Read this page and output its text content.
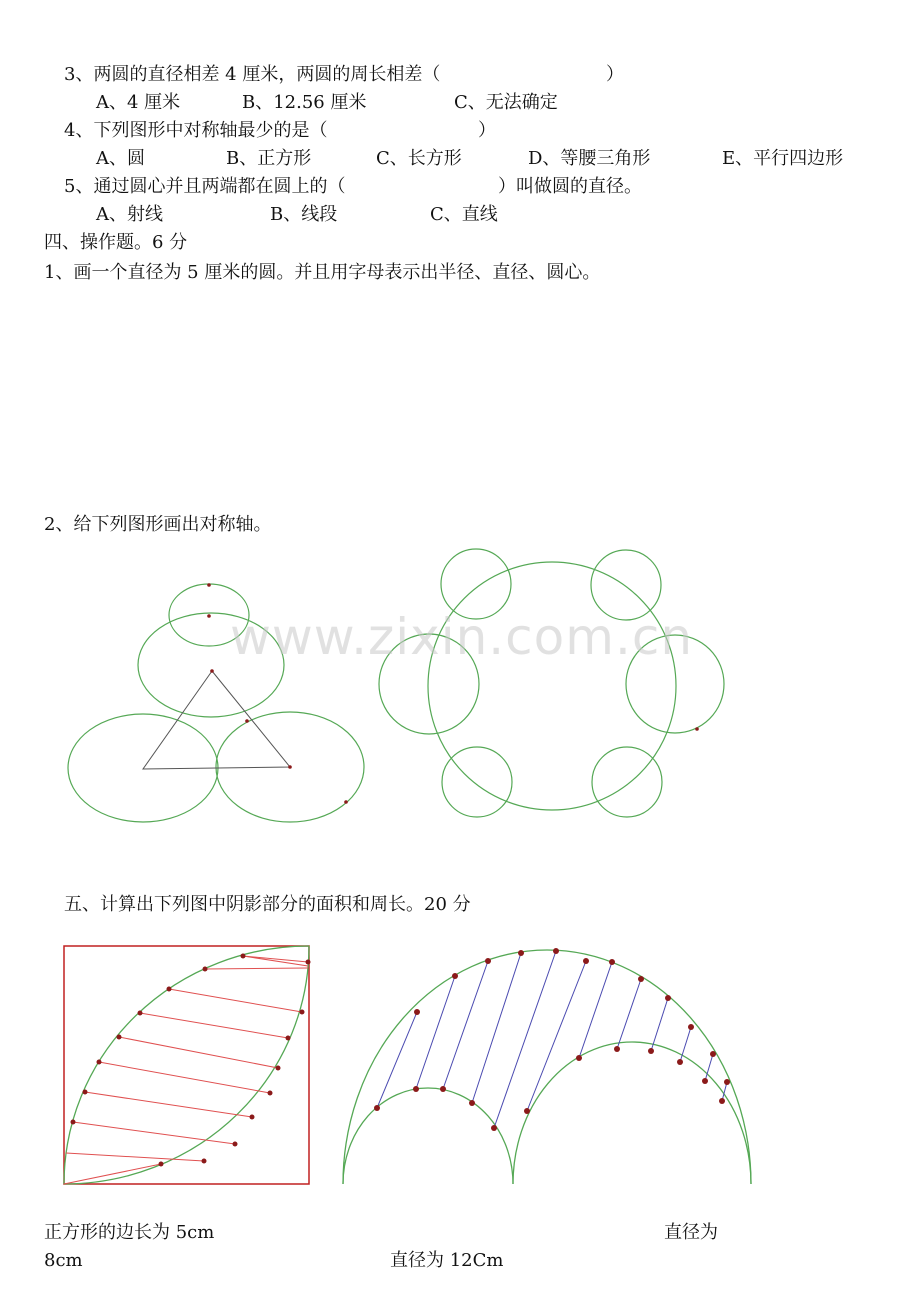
3、两圆的直径相差 4 厘米，两圆的周长相差（	）
A、4 厘米	B、12.56 厘米	C、无法确定
4、下列图形中对称轴最少的是（	）
A、圆	B、正方形	C、长方形	D、等腰三角形	E、平行四边形
5、通过圆心并且两端都在圆上的（	）叫做圆的直径。
A、射线	B、线段	C、直线
四、操作题。6 分
1、画一个直径为 5 厘米的圆。并且用字母表示出半径、直径、圆心。
2、给下列图形画出对称轴。
www.zixin.com.cn
五、计算出下列图中阴影部分的面积和周长。20 分
正方形的边长为 5cm	直径为
8cm	直径为 12Cm
